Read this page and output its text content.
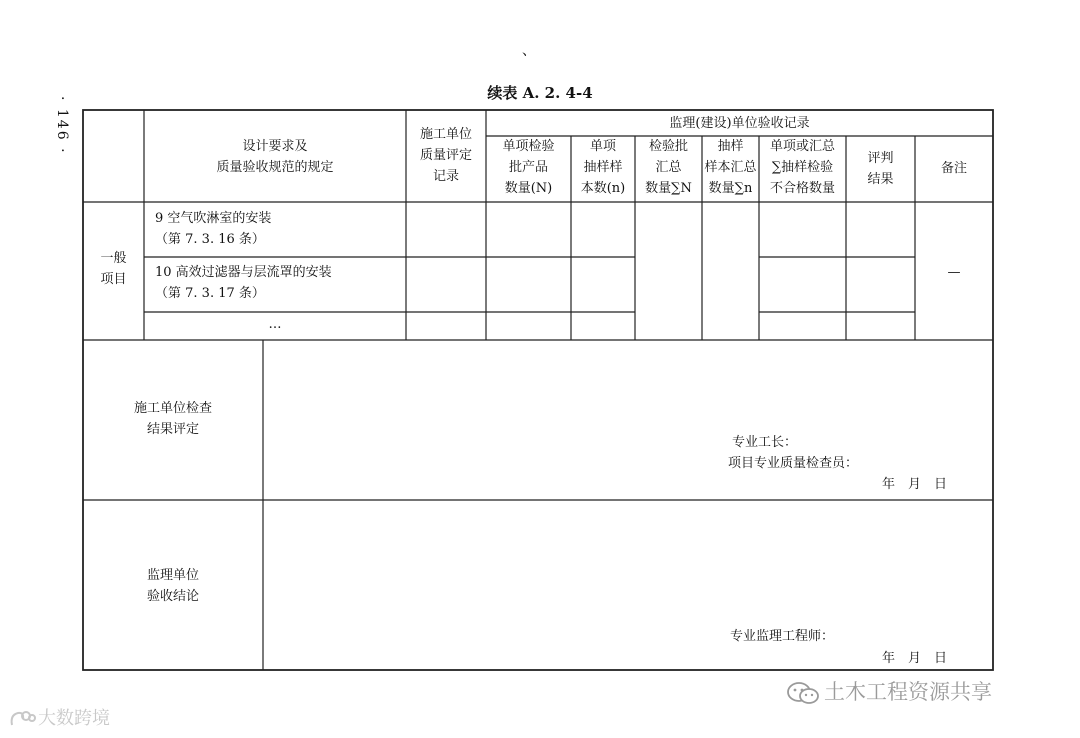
· 146 ·
、
续表 A. 2. 4-4
设计要求及
质量验收规范的规定
施工单位
质量评定
记录
监理(建设)单位验收记录
单项检验
批产品
数量(N)
单项
抽样样
本数(n)
检验批
汇总
数量∑N
抽样
样本汇总
数量∑n
单项或汇总
∑抽样检验
不合格数量
评判
结果
备注
一般
项目
9 空气吹淋室的安装
（第 7. 3. 16 条）
10 高效过滤器与层流罩的安装
（第 7. 3. 17 条）
…
—
施工单位检查
结果评定
专业工长：
项目专业质量检查员：
年　月　日
监理单位
验收结论
专业监理工程师：
年　月　日
土木工程资源共享
大数跨境
